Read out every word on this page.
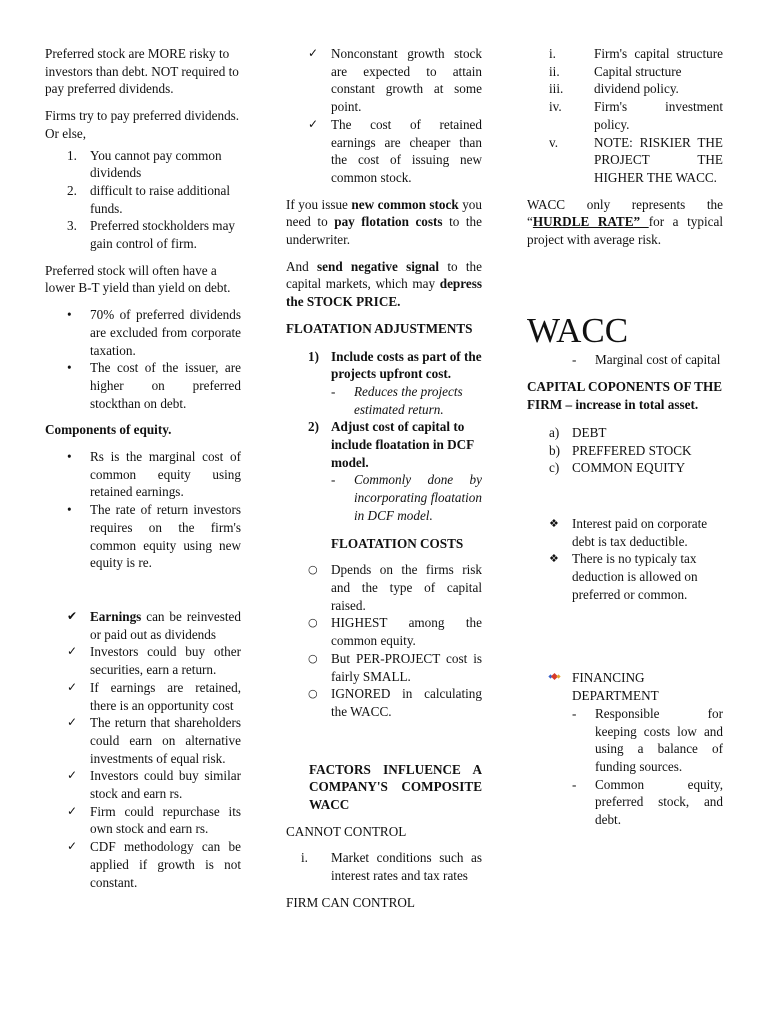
Preferred stock are MORE risky to investors than debt. NOT required to pay preferred dividends.

Firms try to pay preferred dividends. Or else,

1. You cannot pay common dividends
2. difficult to raise additional funds.
3. Preferred stockholders may gain control of firm.

Preferred stock will often have a lower B-T yield than yield on debt.

•	70% of preferred dividends are excluded from corporate taxation.
•	The cost of the issuer, are higher on preferred stockthan on debt.

Components of equity.

•	Rs is the marginal cost of common equity using retained earnings.
•	The rate of return investors requires on the firm's common equity using new equity is re.
✔ Earnings can be reinvested or paid out as dividends
✓ Investors could buy other securities, earn a return.
✓ If earnings are retained, there is an opportunity cost
✓ The return that shareholders could earn on alternative investments of equal risk.
✓ Investors could buy similar stock and earn rs.
✓ Firm could repurchase its own stock and earn rs.
✓ CDF methodology can be applied if growth is not constant.
✓ Nonconstant growth stock are expected to attain constant growth at some point.
✓ The cost of retained earnings are cheaper than the cost of issuing new common stock.

If you issue new common stock you need to pay flotation costs to the underwriter.

And send negative signal to the capital markets, which may depress the STOCK PRICE.

FLOATATION ADJUSTMENTS

1) Include costs as part of the projects upfront cost.
-	Reduces the projects estimated return.
2) Adjust cost of capital to include floatation in DCF model.
-	Commonly done by incorporating floatation in DCF model.

FLOATATION COSTS

○	Dpends on the firms risk and the type of capital raised.
○	HIGHEST among the common equity.
○	But PER-PROJECT cost is fairly SMALL.
○	IGNORED in calculating the WACC.

FACTORS INFLUENCE A COMPANY'S COMPOSITE WACC

CANNOT CONTROL

i.	Market conditions such as interest rates and tax rates

FIRM CAN CONTROL

i.	Firm's capital structure
ii.	Capital structure
iii.	dividend policy.
iv.	Firm's investment policy.
v.	NOTE: RISKIER THE PROJECT THE HIGHER THE WACC.

WACC only represents the “HURDLE RATE” for a typical project with average risk.

WACC

-	Marginal cost of capital

CAPITAL COPONENTS OF THE FIRM – increase in total asset.

a) DEBT
b) PREFFERED STOCK
c) COMMON EQUITY
❖ Interest paid on corporate debt is tax deductible.
❖ There is no typicaly tax deduction is allowed on preferred or common.
FINANCING DEPARTMENT
-	Responsible for keeping costs low and using a balance of funding sources.
-	Common equity, preferred stock, and debt.
